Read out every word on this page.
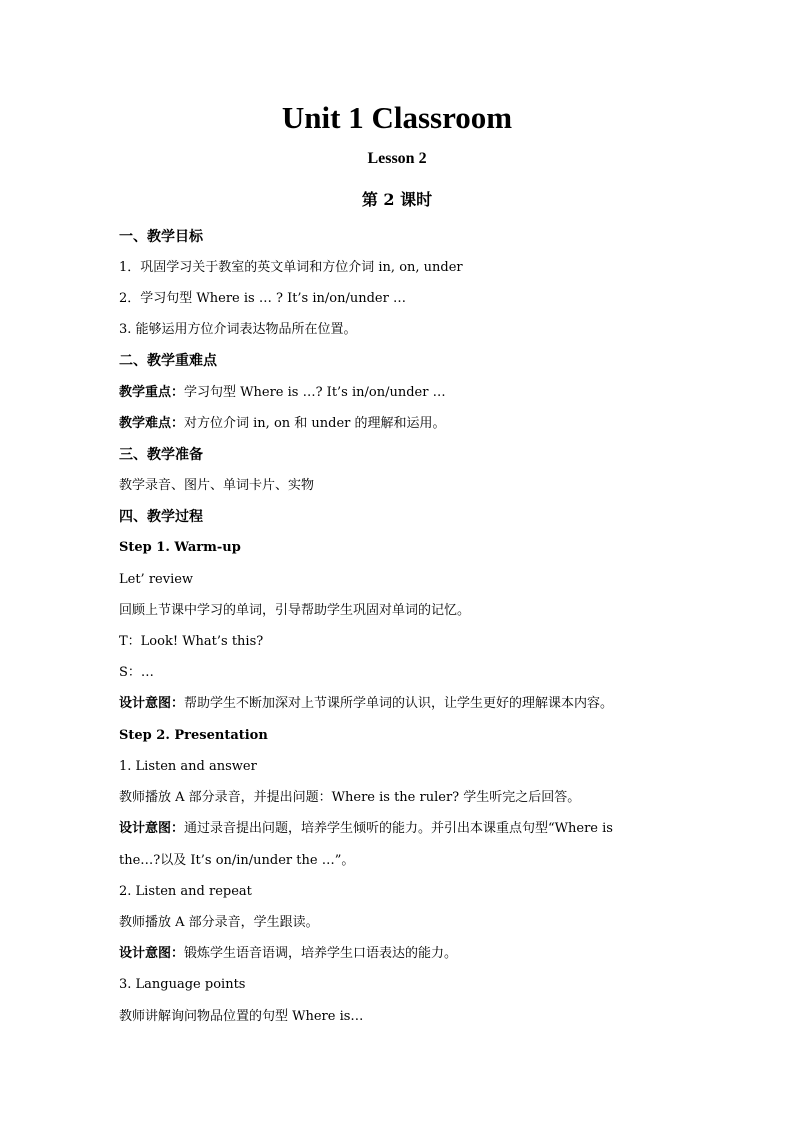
Unit 1 Classroom
Lesson 2
第 2 课时
一、教学目标
1．巩固学习关于教室的英文单词和方位介词 in, on, under
2．学习句型 Where is … ? It’s in/on/under …
3. 能够运用方位介词表达物品所在位置。
二、教学重难点
教学重点：学习句型 Where is …? It’s in/on/under …
教学难点：对方位介词 in, on 和 under 的理解和运用。
三、教学准备
教学录音、图片、单词卡片、实物
四、教学过程
Step 1. Warm-up
Let’ review
回顾上节课中学习的单词，引导帮助学生巩固对单词的记忆。
T：Look! What’s this?
S：…
设计意图：帮助学生不断加深对上节课所学单词的认识，让学生更好的理解课本内容。
Step 2. Presentation
1. Listen and answer
教师播放 A 部分录音，并提出问题：Where is the ruler? 学生听完之后回答。
设计意图：通过录音提出问题，培养学生倾听的能力。并引出本课重点句型“Where is
the…?以及 It’s on/in/under the …”。
2. Listen and repeat
教师播放 A 部分录音，学生跟读。
设计意图：锻炼学生语音语调，培养学生口语表达的能力。
3. Language points
教师讲解询问物品位置的句型 Where is…
